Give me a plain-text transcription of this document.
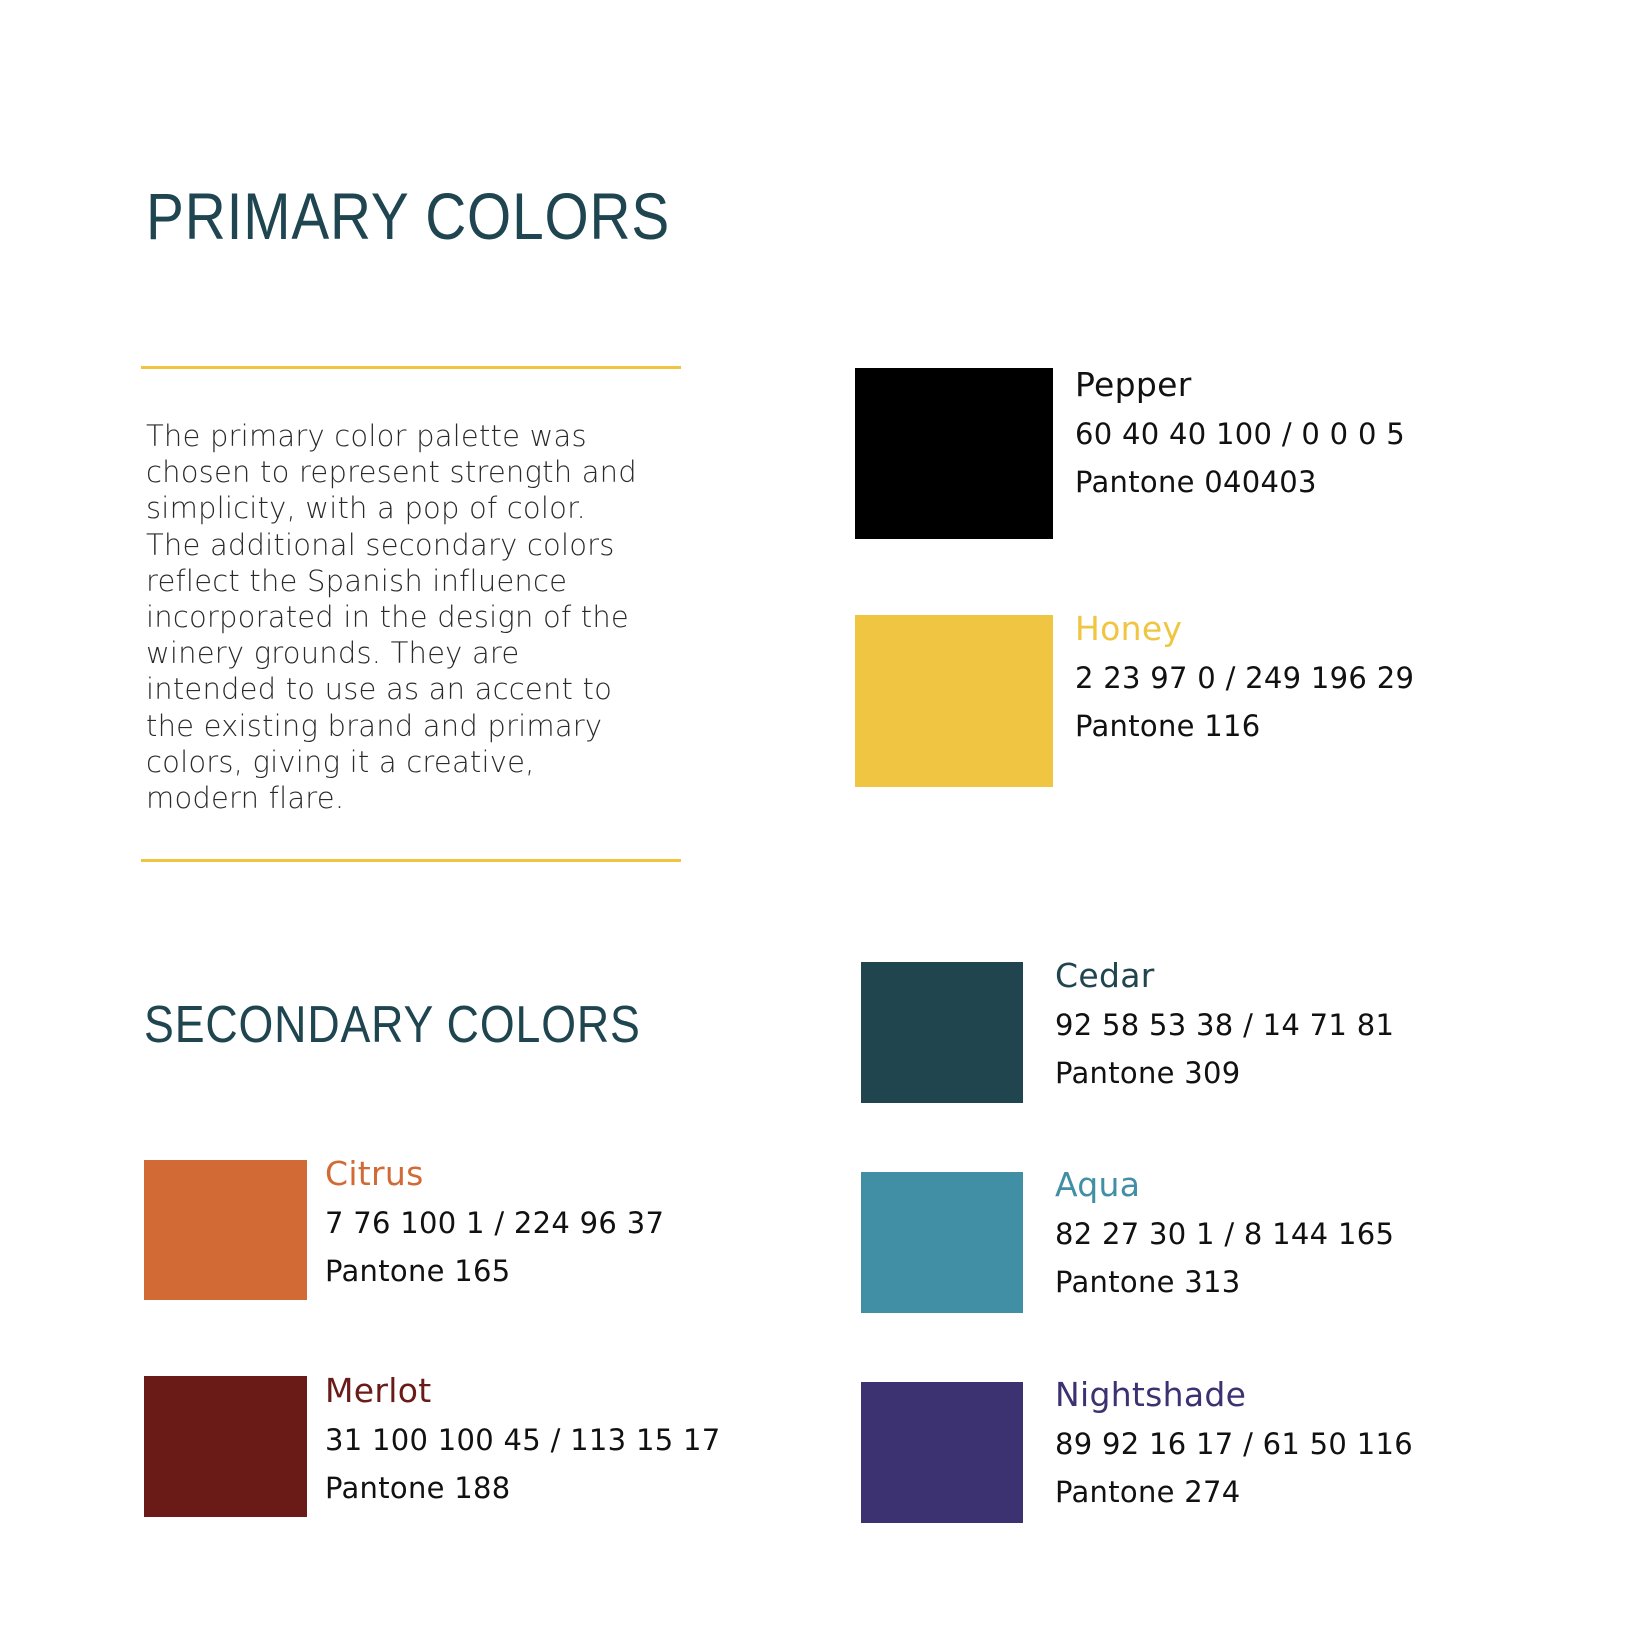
PRIMARY COLORS

The primary color palette was chosen to represent strength and simplicity, with a pop of color. The additional secondary colors reflect the Spanish influence incorporated in the design of the winery grounds. They are intended to use as an accent to the existing brand and primary colors, giving it a creative, modern flare.

SECONDARY COLORS
Pepper
60 40 40 100 / 0 0 0 5
Pantone 040403
Honey
2 23 97 0 / 249 196 29
Pantone 116
Cedar
92 58 53 38 / 14 71 81
Pantone 309
Aqua
82 27 30 1 / 8 144 165
Pantone 313
Nightshade
89 92 16 17 / 61 50 116
Pantone 274
Citrus
7 76 100 1 / 224 96 37
Pantone 165
Merlot
31 100 100 45 / 113 15 17
Pantone 188
